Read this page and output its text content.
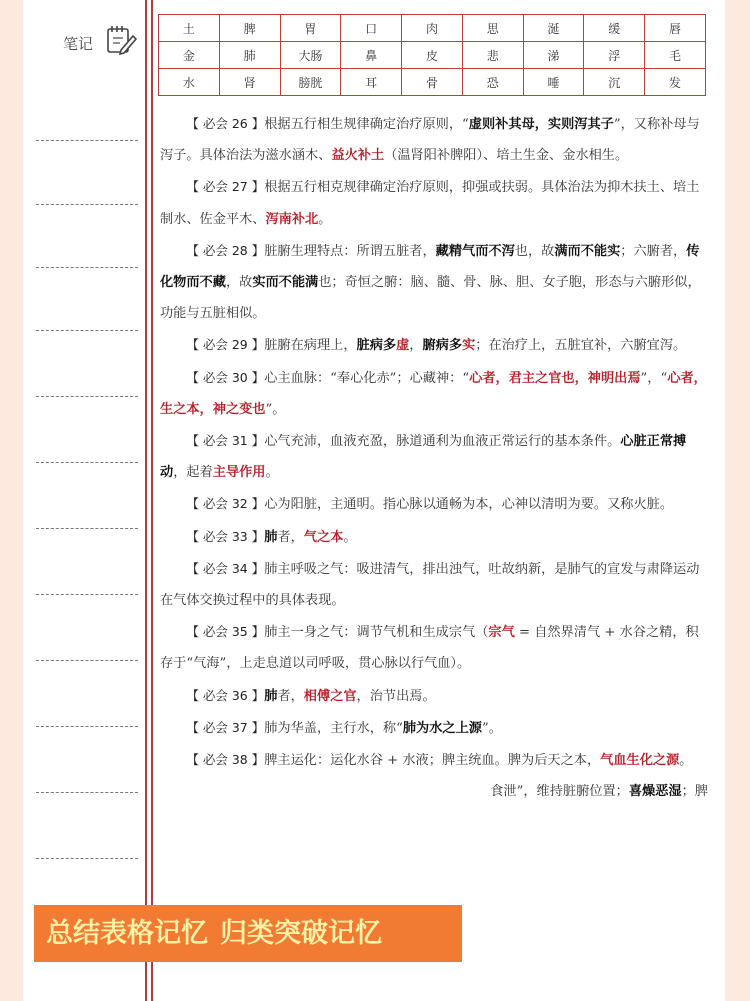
笔记
土	脾	胃	口	肉	思	涎	缓	唇
金	肺	大肠	鼻	皮	悲	涕	浮	毛
水	肾	膀胱	耳	骨	恐	唾	沉	发

【 必会 26 】根据五行相生规律确定治疗原则，“虚则补其母，实则泻其子”，又称补母与泻子。具体治法为滋水涵木、益火补土（温肾阳补脾阳）、培土生金、金水相生。

【 必会 27 】根据五行相克规律确定治疗原则，抑强或扶弱。具体治法为抑木扶土、培土制水、佐金平木、泻南补北。

【 必会 28 】脏腑生理特点：所谓五脏者，藏精气而不泻也，故满而不能实；六腑者，传化物而不藏，故实而不能满也；奇恒之腑：脑、髓、骨、脉、胆、女子胞，形态与六腑形似，功能与五脏相似。

【 必会 29 】脏腑在病理上，脏病多虚，腑病多实；在治疗上，五脏宜补，六腑宜泻。

【 必会 30 】心主血脉：“奉心化赤”；心藏神：“心者，君主之官也，神明出焉”，“心者，生之本，神之变也”。

【 必会 31 】心气充沛，血液充盈，脉道通利为血液正常运行的基本条件。心脏正常搏动，起着主导作用。

【 必会 32 】心为阳脏，主通明。指心脉以通畅为本，心神以清明为要。又称火脏。

【 必会 33 】肺者，气之本。

【 必会 34 】肺主呼吸之气：吸进清气，排出浊气，吐故纳新，是肺气的宣发与肃降运动在气体交换过程中的具体表现。

【 必会 35 】肺主一身之气：调节气机和生成宗气（宗气 = 自然界清气 + 水谷之精，积存于“气海”，上走息道以司呼吸，贯心脉以行气血）。

【 必会 36 】肺者，相傅之官，治节出焉。

【 必会 37 】肺为华盖，主行水，称“肺为水之上源”。

【 必会 38 】脾主运化：运化水谷 + 水液；脾主统血。脾为后天之本，气血生化之源。

食泄”，维持脏腑位置；喜燥恶湿；脾

总结表格记忆 归类突破记忆
